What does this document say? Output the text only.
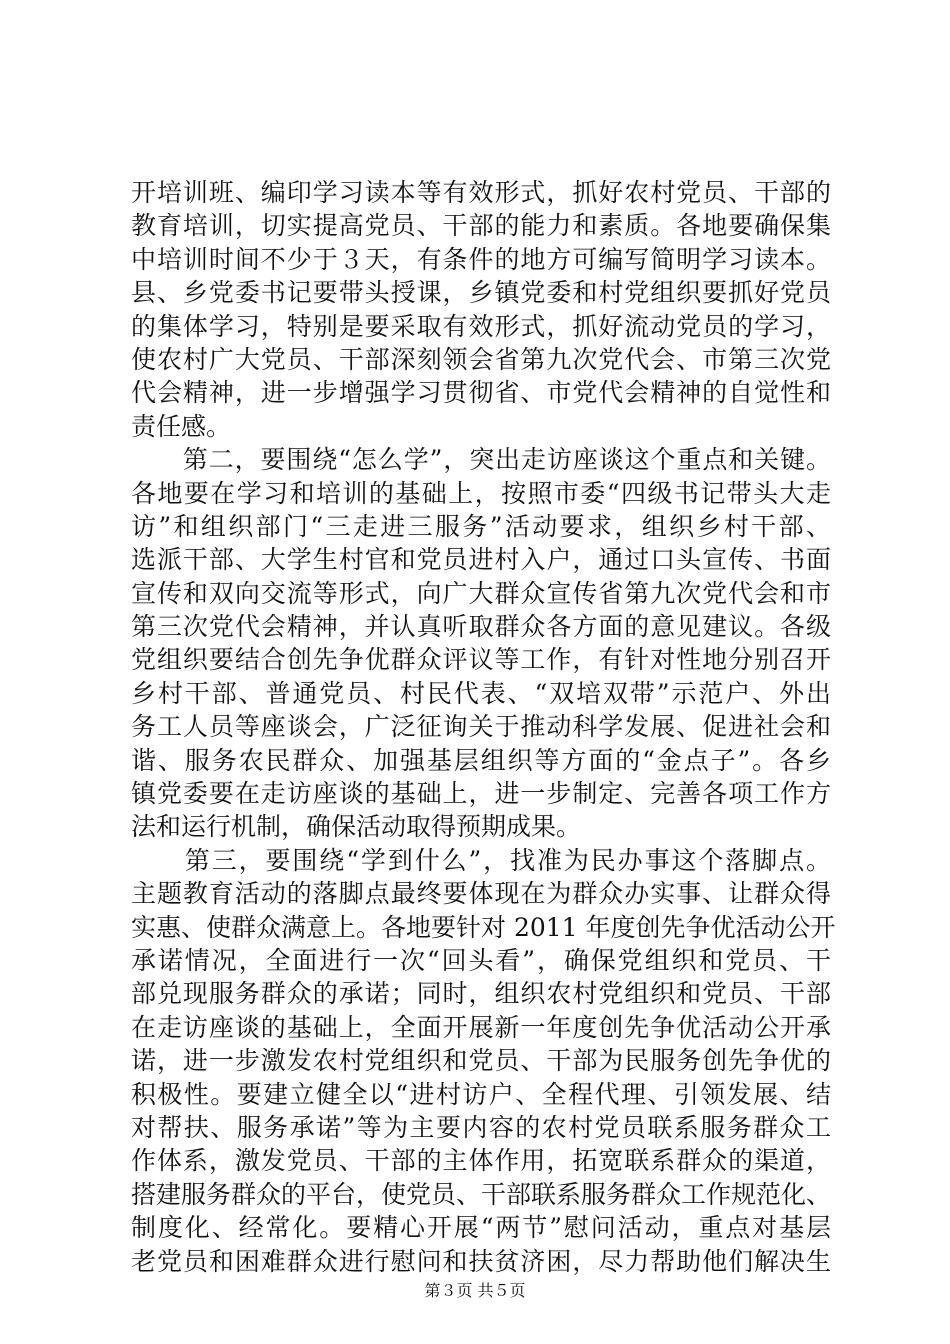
开培训班、编印学习读本等有效形式，抓好农村党员、干部的
教育培训，切实提高党员、干部的能力和素质。各地要确保集
中培训时间不少于３天，有条件的地方可编写简明学习读本。
县、乡党委书记要带头授课，乡镇党委和村党组织要抓好党员
的集体学习，特别是要采取有效形式，抓好流动党员的学习，
使农村广大党员、干部深刻领会省第九次党代会、市第三次党
代会精神，进一步增强学习贯彻省、市党代会精神的自觉性和
责任感。
　　第二，要围绕“怎么学”，突出走访座谈这个重点和关键。
各地要在学习和培训的基础上，按照市委“四级书记带头大走
访”和组织部门“三走进三服务”活动要求，组织乡村干部、
选派干部、大学生村官和党员进村入户，通过口头宣传、书面
宣传和双向交流等形式，向广大群众宣传省第九次党代会和市
第三次党代会精神，并认真听取群众各方面的意见建议。各级
党组织要结合创先争优群众评议等工作，有针对性地分别召开
乡村干部、普通党员、村民代表、“双培双带”示范户、外出
务工人员等座谈会，广泛征询关于推动科学发展、促进社会和
谐、服务农民群众、加强基层组织等方面的“金点子”。各乡
镇党委要在走访座谈的基础上，进一步制定、完善各项工作方
法和运行机制，确保活动取得预期成果。
　　第三，要围绕“学到什么”，找准为民办事这个落脚点。
主题教育活动的落脚点最终要体现在为群众办实事、让群众得
实惠、使群众满意上。各地要针对 2011 年度创先争优活动公开
承诺情况，全面进行一次“回头看”，确保党组织和党员、干
部兑现服务群众的承诺；同时，组织农村党组织和党员、干部
在走访座谈的基础上，全面开展新一年度创先争优活动公开承
诺，进一步激发农村党组织和党员、干部为民服务创先争优的
积极性。要建立健全以“进村访户、全程代理、引领发展、结
对帮扶、服务承诺”等为主要内容的农村党员联系服务群众工
作体系，激发党员、干部的主体作用，拓宽联系群众的渠道，
搭建服务群众的平台，使党员、干部联系服务群众工作规范化、
制度化、经常化。要精心开展“两节”慰问活动，重点对基层
老党员和困难群众进行慰问和扶贫济困，尽力帮助他们解决生
第３页 共５页
